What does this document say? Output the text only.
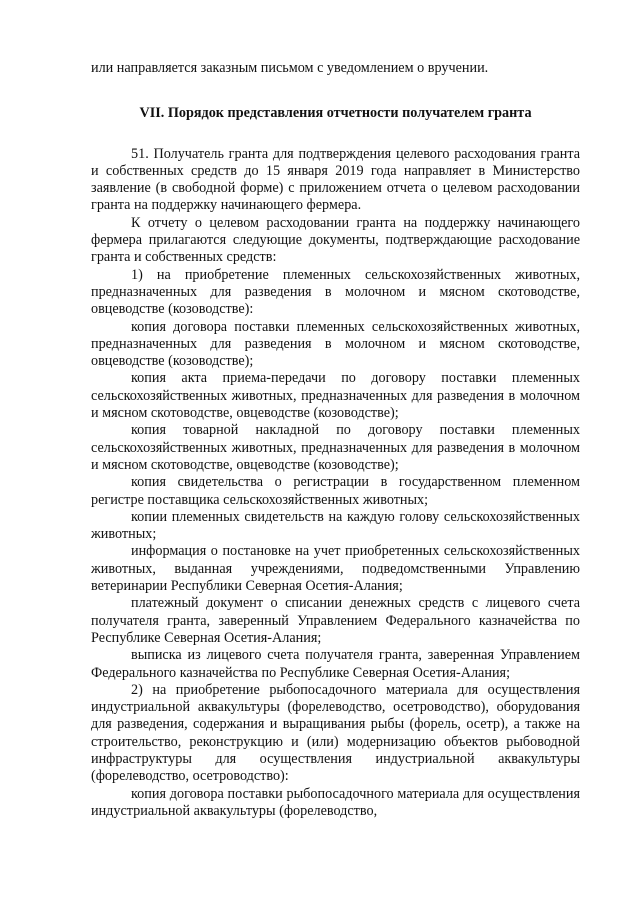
или направляется заказным письмом с уведомлением о вручении.

VII. Порядок представления отчетности получателем гранта

51. Получатель гранта для подтверждения целевого расходования гранта и собственных средств до 15 января 2019 года направляет в Министерство заявление (в свободной форме) с приложением отчета о целевом расходовании гранта на поддержку начинающего фермера.

К отчету о целевом расходовании гранта на поддержку начинающего фермера прилагаются следующие документы, подтверждающие расходование гранта и собственных средств:

1) на приобретение племенных сельскохозяйственных животных, предназначенных для разведения в молочном и мясном скотоводстве, овцеводстве (козоводстве):

копия договора поставки племенных сельскохозяйственных животных, предназначенных для разведения в молочном и мясном скотоводстве, овцеводстве (козоводстве);

копия акта приема-передачи по договору поставки племенных сельскохозяйственных животных, предназначенных для разведения в молочном и мясном скотоводстве, овцеводстве (козоводстве);

копия товарной накладной по договору поставки племенных сельскохозяйственных животных, предназначенных для разведения в молочном и мясном скотоводстве, овцеводстве (козоводстве);

копия свидетельства о регистрации в государственном племенном регистре поставщика сельскохозяйственных животных;

копии племенных свидетельств на каждую голову сельскохозяйственных животных;

информация о постановке на учет приобретенных сельскохозяйственных животных, выданная учреждениями, подведомственными Управлению ветеринарии Республики Северная Осетия-Алания;

платежный документ о списании денежных средств с лицевого счета получателя гранта, заверенный Управлением Федерального казначейства по Республике Северная Осетия-Алания;

выписка из лицевого счета получателя гранта, заверенная Управлением Федерального казначейства по Республике Северная Осетия-Алания;

2) на приобретение рыбопосадочного материала для осуществления индустриальной аквакультуры (форелеводство, осетроводство), оборудования для разведения, содержания и выращивания рыбы (форель, осетр), а также на строительство, реконструкцию и (или) модернизацию объектов рыбоводной инфраструктуры для осуществления индустриальной аквакультуры (форелеводство, осетроводство):

копия договора поставки рыбопосадочного материала для осуществления индустриальной аквакультуры (форелеводство,
